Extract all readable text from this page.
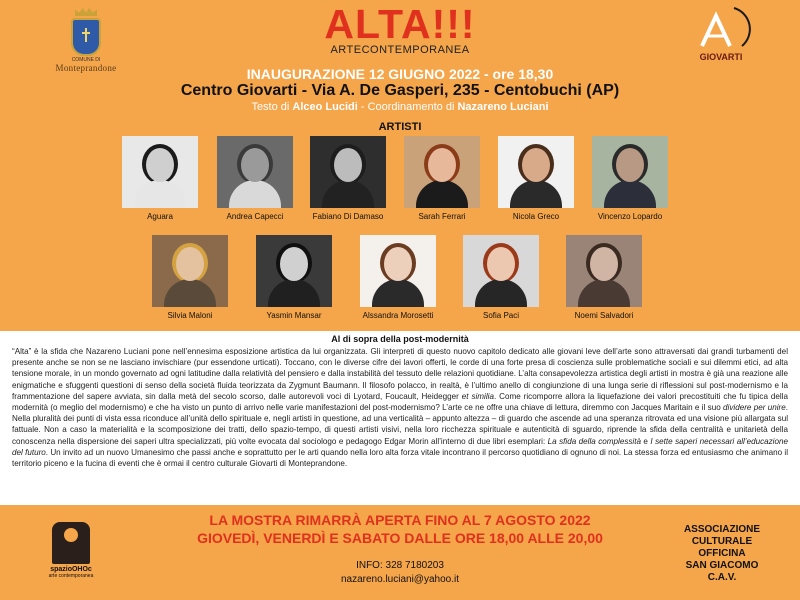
COMUNE DI
Monteprandone
ALTA!!!
ARTECONTEMPORANEA
GIOVARTI
INAUGURAZIONE 12 GIUGNO 2022 - ore 18,30
Centro Giovarti - Via A. De Gasperi, 235 - Centobuchi (AP)
Testo di Alceo Lucidi - Coordinamento di Nazareno Luciani
ARTISTI
Aguara	Andrea Capecci	Fabiano Di Damaso	Sarah Ferrari	Nicola Greco	Vincenzo Lopardo
Silvia Maloni	Yasmin Mansar	Alssandra Morosetti	Sofia Paci	Noemi Salvadori
Al di sopra della post-modernità
“Alta” è la sfida che Nazareno Luciani pone nell’ennesima esposizione artistica da lui organizzata. Gli interpreti di questo nuovo capitolo dedicato alle giovani leve dell’arte sono attraversati dai grandi turbamenti del presente anche se non se ne lasciano invischiare (pur essendone urticati). Toccano, con le diverse cifre dei lavori offerti, le corde di una forte presa di coscienza sulle problematiche sociali e sui dilemmi etici, ad alta tensione morale, in un mondo governato ad ogni latitudine dalla relatività del pensiero e dalla instabilità del tessuto delle relazioni quotidiane. L’alta consapevolezza artistica degli artisti in mostra è già una reazione alle enigmatiche e sfuggenti questioni di senso della società fluida teorizzata da Zygmunt Baumann. Il filosofo polacco, in realtà, è l’ultimo anello di congiunzione di una lunga serie di riflessioni sul post-modernismo e la frammentazione del sapere avviata, sin dalla metà del secolo scorso, dalle autorevoli voci di Lyotard, Foucault, Heidegger et similia. Come ricomporre allora la liquefazione dei valori precostituiti che fu tipica della modernità (o meglio del modernismo) e che ha visto un punto di arrivo nelle varie manifestazioni del post-modernismo? L’arte ce ne offre una chiave di lettura, diremmo con Jacques Maritain e il suo dividere per unire. Nella pluralità dei punti di vista essa riconduce all’unità dello spirituale e, negli artisti in questione, ad una verticalità – appunto altezza – di guardo che ascende ad una speranza ritrovata ed una visione più allargata sul fattuale. Non a caso la materialità e la scomposizione dei tratti, dello spazio-tempo, di questi artisti visivi, nella loro ricchezza spirituale e autenticità di sguardo, riprende la sfida della centralità e unitarietà della conoscenza nella dispersione dei saperi ultra specializzati, più volte evocata dal sociologo e pedagogo Edgar Morin all’interno di due libri esemplari: La sfida della complessità e I sette saperi necessari all’educazione del futuro. Un invito ad un nuovo Umanesimo che passi anche e soprattutto per le arti quando nella loro alta forza vitale incontrano il percorso quotidiano di ognuno di noi. La stessa forza ed entusiasmo che animano il territorio piceno e la fucina di eventi che è ormai il centro culturale Giovarti di Monteprandone.
spazioOHOc
arte contemporanea
LA MOSTRA RIMARRÀ APERTA FINO AL 7 AGOSTO 2022
GIOVEDÌ, VENERDÌ E SABATO DALLE ORE 18,00 ALLE 20,00
INFO: 328 7180203
nazareno.luciani@yahoo.it
ASSOCIAZIONE
CULTURALE
OFFICINA
SAN GIACOMO
C.A.V.
